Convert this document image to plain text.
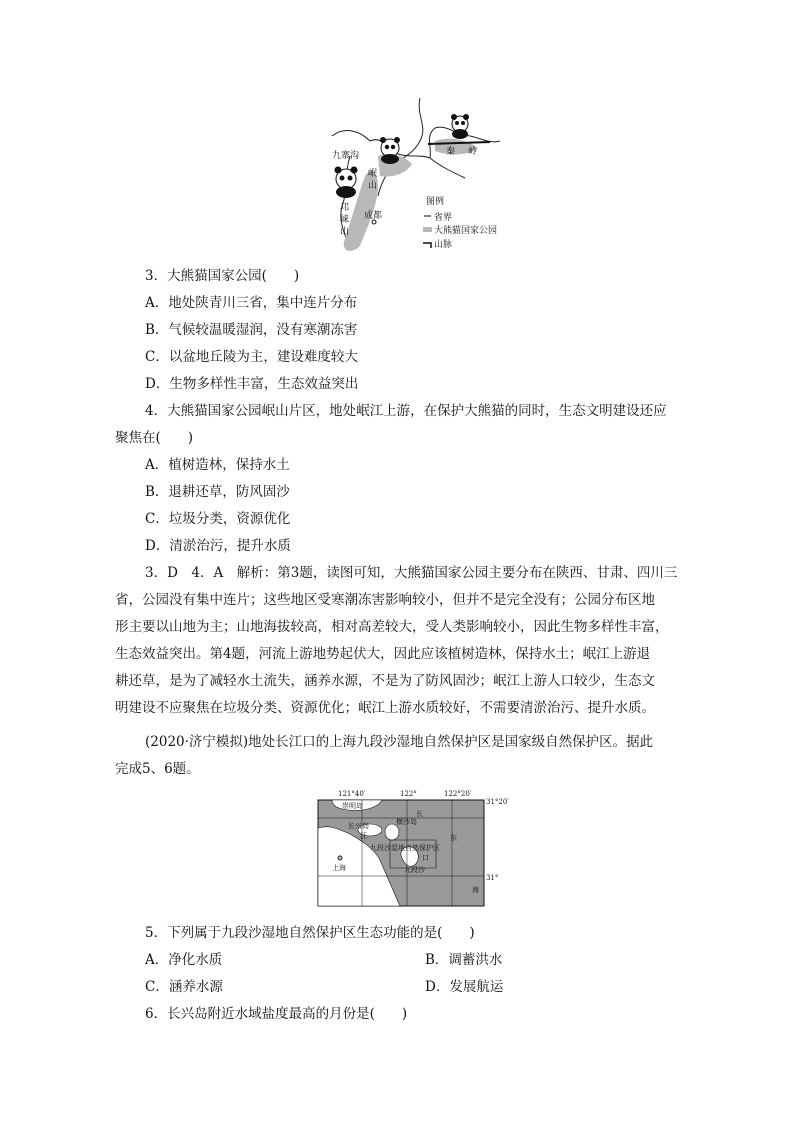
九寨沟
岷
山
秦 岭
邛
崃
山
成都
图例
省界
大熊猫国家公园
山脉
3．大熊猫国家公园(　　)
A．地处陕青川三省，集中连片分布
B．气候较温暖湿润，没有寒潮冻害
C．以盆地丘陵为主，建设难度较大
D．生物多样性丰富，生态效益突出
4．大熊猫国家公园岷山片区，地处岷江上游，在保护大熊猫的同时，生态文明建设还应
聚焦在(　　)
A．植树造林，保持水土
B．退耕还草，防风固沙
C．垃圾分类，资源优化
D．清淤治污，提升水质
3．D　4．A　解析：第3题，读图可知，大熊猫国家公园主要分布在陕西、甘肃、四川三
省，公园没有集中连片；这些地区受寒潮冻害影响较小，但并不是完全没有；公园分布区地
形主要以山地为主；山地海拔较高，相对高差较大，受人类影响较小，因此生物多样性丰富，
生态效益突出。第4题，河流上游地势起伏大，因此应该植树造林，保持水土；岷江上游退
耕还草，是为了减轻水土流失，涵养水源，不是为了防风固沙；岷江上游人口较少，生态文
明建设不应聚焦在垃圾分类、资源优化；岷江上游水质较好，不需要清淤治污、提升水质。
(2020·济宁模拟)地处长江口的上海九段沙湿地自然保护区是国家级自然保护区。据此
完成5、6题。
121°40′	122°	122°20′
崇明岛
长
长兴岛	横沙岛
江	东
九段沙湿地自然保护区
九段沙
上海
口
海
31°20′
31°
5．下列属于九段沙湿地自然保护区生态功能的是(　　)
A．净化水质	B．调蓄洪水
C．涵养水源	D．发展航运
6．长兴岛附近水域盐度最高的月份是(　　)
